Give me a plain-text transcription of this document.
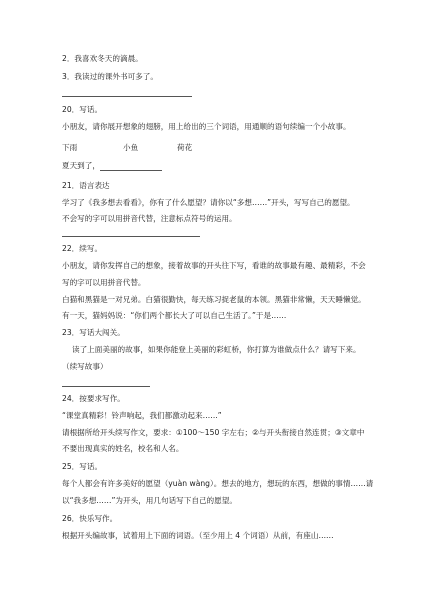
2．我喜欢冬天的滴晨。
3．我读过的课外书可多了。
20．写话。
小朋友，请你展开想象的翅膀，用上给出的三个词语，用通顺的语句续编一个小故事。
下雨	小鱼	荷花
夏天到了，
21．语言表达
学习了《我多想去看看》，你有了什么愿望？请你以“多想……”开头，写写自己的愿望。
不会写的字可以用拼音代替，注意标点符号的运用。
22．续写。
小朋友，请你发挥自己的想象，接着故事的开头往下写，看谁的故事最有趣、最精彩，不会
写的字可以用拼音代替。
白猫和黑猫是一对兄弟。白猫很勤快，每天练习捉老鼠的本领。黑猫非常懒，天天睡懒觉。
有一天，猫妈妈说：“你们两个都长大了可以自己生活了。”于是……
23．写话大闯关。
读了上面美丽的故事，如果你能登上美丽的彩虹桥，你打算为谁做点什么？请写下来。
（续写故事）
24．按要求写作。
“课堂真精彩！铃声响起，我们都激动起来……”
请根据所给开头续写作文，要求：①100～150 字左右；②与开头衔接自然连贯；③文章中
不要出现真实的姓名，校名和人名。
25．写话。
每个人都会有许多美好的愿望（yuàn wàng）。想去的地方，想玩的东西，想做的事情……请
以“我多想……”为开头，用几句话写下自己的愿望。
26．快乐写作。
根据开头编故事，试着用上下面的词语。（至少用上 4 个词语）从前，有座山……
